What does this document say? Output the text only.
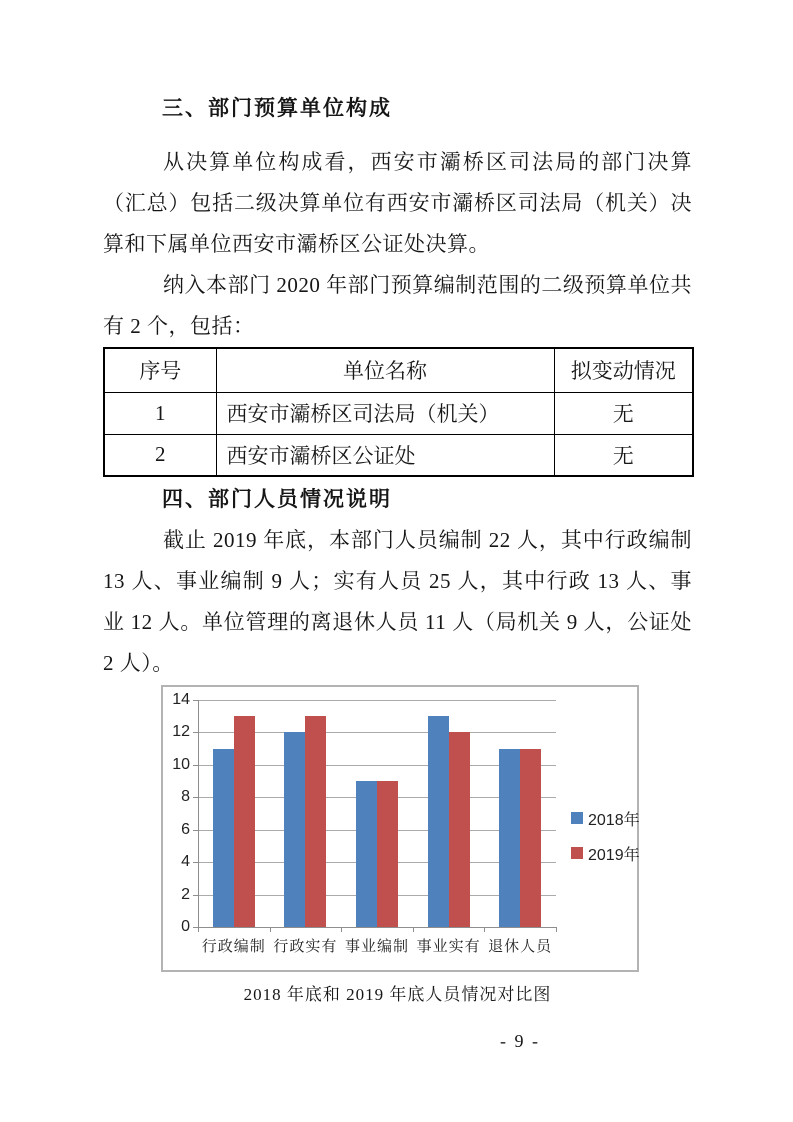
三、部门预算单位构成

从决算单位构成看，西安市灞桥区司法局的部门决算（汇总）包括二级决算单位有西安市灞桥区司法局（机关）决算和下属单位西安市灞桥区公证处决算。

纳入本部门 2020 年部门预算编制范围的二级预算单位共有 2 个，包括：

序号	单位名称	拟变动情况
1	西安市灞桥区司法局（机关）	无
2	西安市灞桥区公证处	无
四、部门人员情况说明

截止 2019 年底，本部门人员编制 22 人，其中行政编制 13 人、事业编制 9 人；实有人员 25 人，其中行政 13 人、事业 12 人。单位管理的离退休人员 11 人（局机关 9 人，公证处 2 人）。

0
2
4
6
8
10
12
14
行政编制 行政实有 事业编制 事业实有 退休人员
2018年
2019年
2018 年底和 2019 年底人员情况对比图
- 9 -
